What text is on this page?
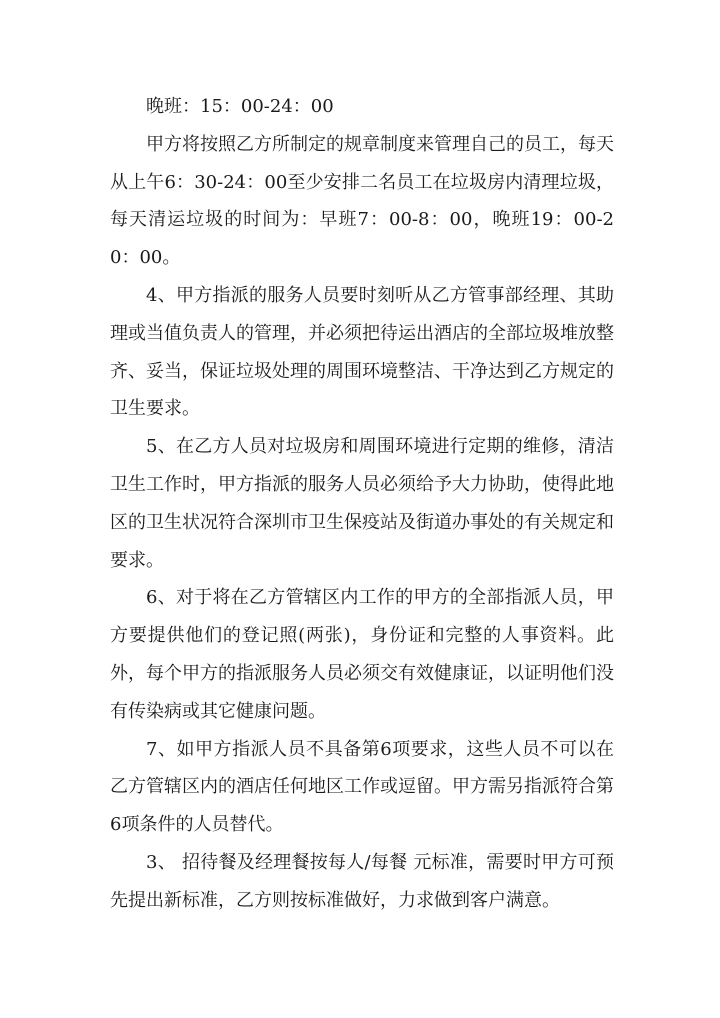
晚班：15：00-24：00

甲方将按照乙方所制定的规章制度来管理自己的员工，每天从上午6：30-24：00至少安排二名员工在垃圾房内清理垃圾，每天清运垃圾的时间为：早班7：00-8：00，晚班19：00-20：00。

4、甲方指派的服务人员要时刻听从乙方管事部经理、其助理或当值负责人的管理，并必须把待运出酒店的全部垃圾堆放整齐、妥当，保证垃圾处理的周围环境整洁、干净达到乙方规定的卫生要求。

5、在乙方人员对垃圾房和周围环境进行定期的维修，清洁卫生工作时，甲方指派的服务人员必须给予大力协助，使得此地区的卫生状况符合深圳市卫生保疫站及街道办事处的有关规定和要求。

6、对于将在乙方管辖区内工作的甲方的全部指派人员，甲方要提供他们的登记照(两张)，身份证和完整的人事资料。此外，每个甲方的指派服务人员必须交有效健康证，以证明他们没有传染病或其它健康问题。

7、如甲方指派人员不具备第6项要求，这些人员不可以在乙方管辖区内的酒店任何地区工作或逗留。甲方需另指派符合第6项条件的人员替代。

3、 招待餐及经理餐按每人/每餐 元标准，需要时甲方可预先提出新标准，乙方则按标准做好，力求做到客户满意。
